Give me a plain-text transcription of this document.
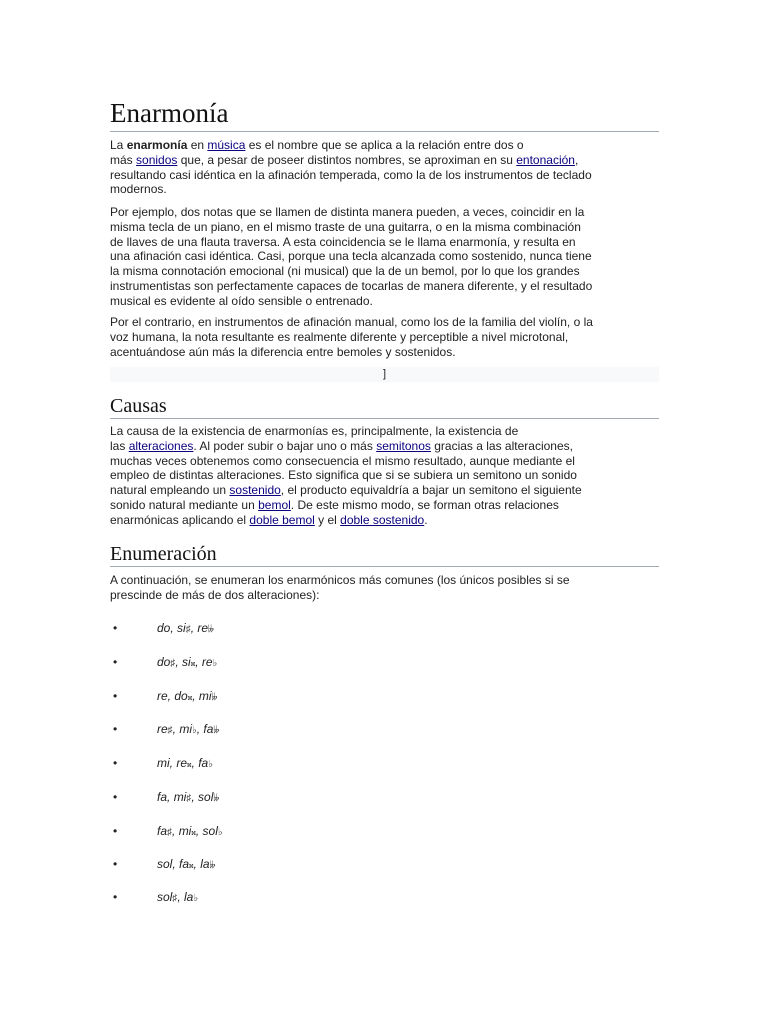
Enarmonía

La enarmonía en música es el nombre que se aplica a la relación entre dos o
más sonidos que, a pesar de poseer distintos nombres, se aproximan en su entonación,
resultando casi idéntica en la afinación temperada, como la de los instrumentos de teclado
modernos.

Por ejemplo, dos notas que se llamen de distinta manera pueden, a veces, coincidir en la
misma tecla de un piano, en el mismo traste de una guitarra, o en la misma combinación
de llaves de una flauta traversa. A esta coincidencia se le llama enarmonía, y resulta en
una afinación casi idéntica. Casi, porque una tecla alcanzada como sostenido, nunca tiene
la misma connotación emocional (ni musical) que la de un bemol, por lo que los grandes
instrumentistas son perfectamente capaces de tocarlas de manera diferente, y el resultado
musical es evidente al oído sensible o entrenado.

Por el contrario, en instrumentos de afinación manual, como los de la familia del violín, o la
voz humana, la nota resultante es realmente diferente y perceptible a nivel microtonal,
acentuándose aún más la diferencia entre bemoles y sostenidos.

]
Causas

La causa de la existencia de enarmonías es, principalmente, la existencia de
las alteraciones. Al poder subir o bajar uno o más semitonos gracias a las alteraciones,
muchas veces obtenemos como consecuencia el mismo resultado, aunque mediante el
empleo de distintas alteraciones. Esto significa que si se subiera un semitono un sonido
natural empleando un sostenido, el producto equivaldría a bajar un semitono el siguiente
sonido natural mediante un bemol. De este mismo modo, se forman otras relaciones
enarmónicas aplicando el doble bemol y el doble sostenido.

Enumeración

A continuación, se enumeran los enarmónicos más comunes (los únicos posibles si se
prescinde de más de dos alteraciones):

•	do, si♯, re𝄫
•	do♯, si𝄪, re♭
•	re, do𝄪, mi𝄫
•	re♯, mi♭, fa𝄫
•	mi, re𝄪, fa♭
•	fa, mi♯, sol𝄫
•	fa♯, mi𝄪, sol♭
•	sol, fa𝄪, la𝄫
•	sol♯, la♭
